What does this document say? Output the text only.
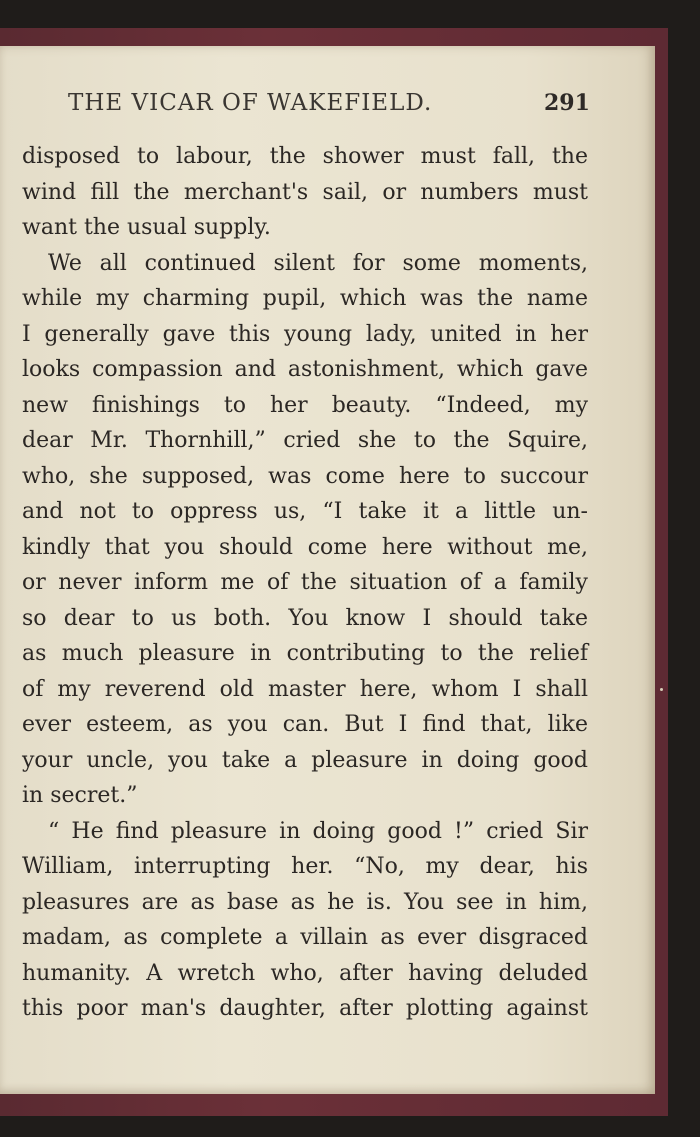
THE VICAR OF WAKEFIELD.	291
disposed to labour, the shower must fall, the
wind fill the merchant's sail, or numbers must
want the usual supply.
We all continued silent for some moments,
while my charming pupil, which was the name
I generally gave this young lady, united in her
looks compassion and astonishment, which gave
new finishings to her beauty. “Indeed, my
dear Mr. Thornhill,” cried she to the Squire,
who, she supposed, was come here to succour
and not to oppress us, “I take it a little un-
kindly that you should come here without me,
or never inform me of the situation of a family
so dear to us both. You know I should take
as much pleasure in contributing to the relief
of my reverend old master here, whom I shall
ever esteem, as you can. But I find that, like
your uncle, you take a pleasure in doing good
in secret.”
“ He find pleasure in doing good !” cried Sir
William, interrupting her. “No, my dear, his
pleasures are as base as he is. You see in him,
madam, as complete a villain as ever disgraced
humanity. A wretch who, after having deluded
this poor man's daughter, after plotting against
